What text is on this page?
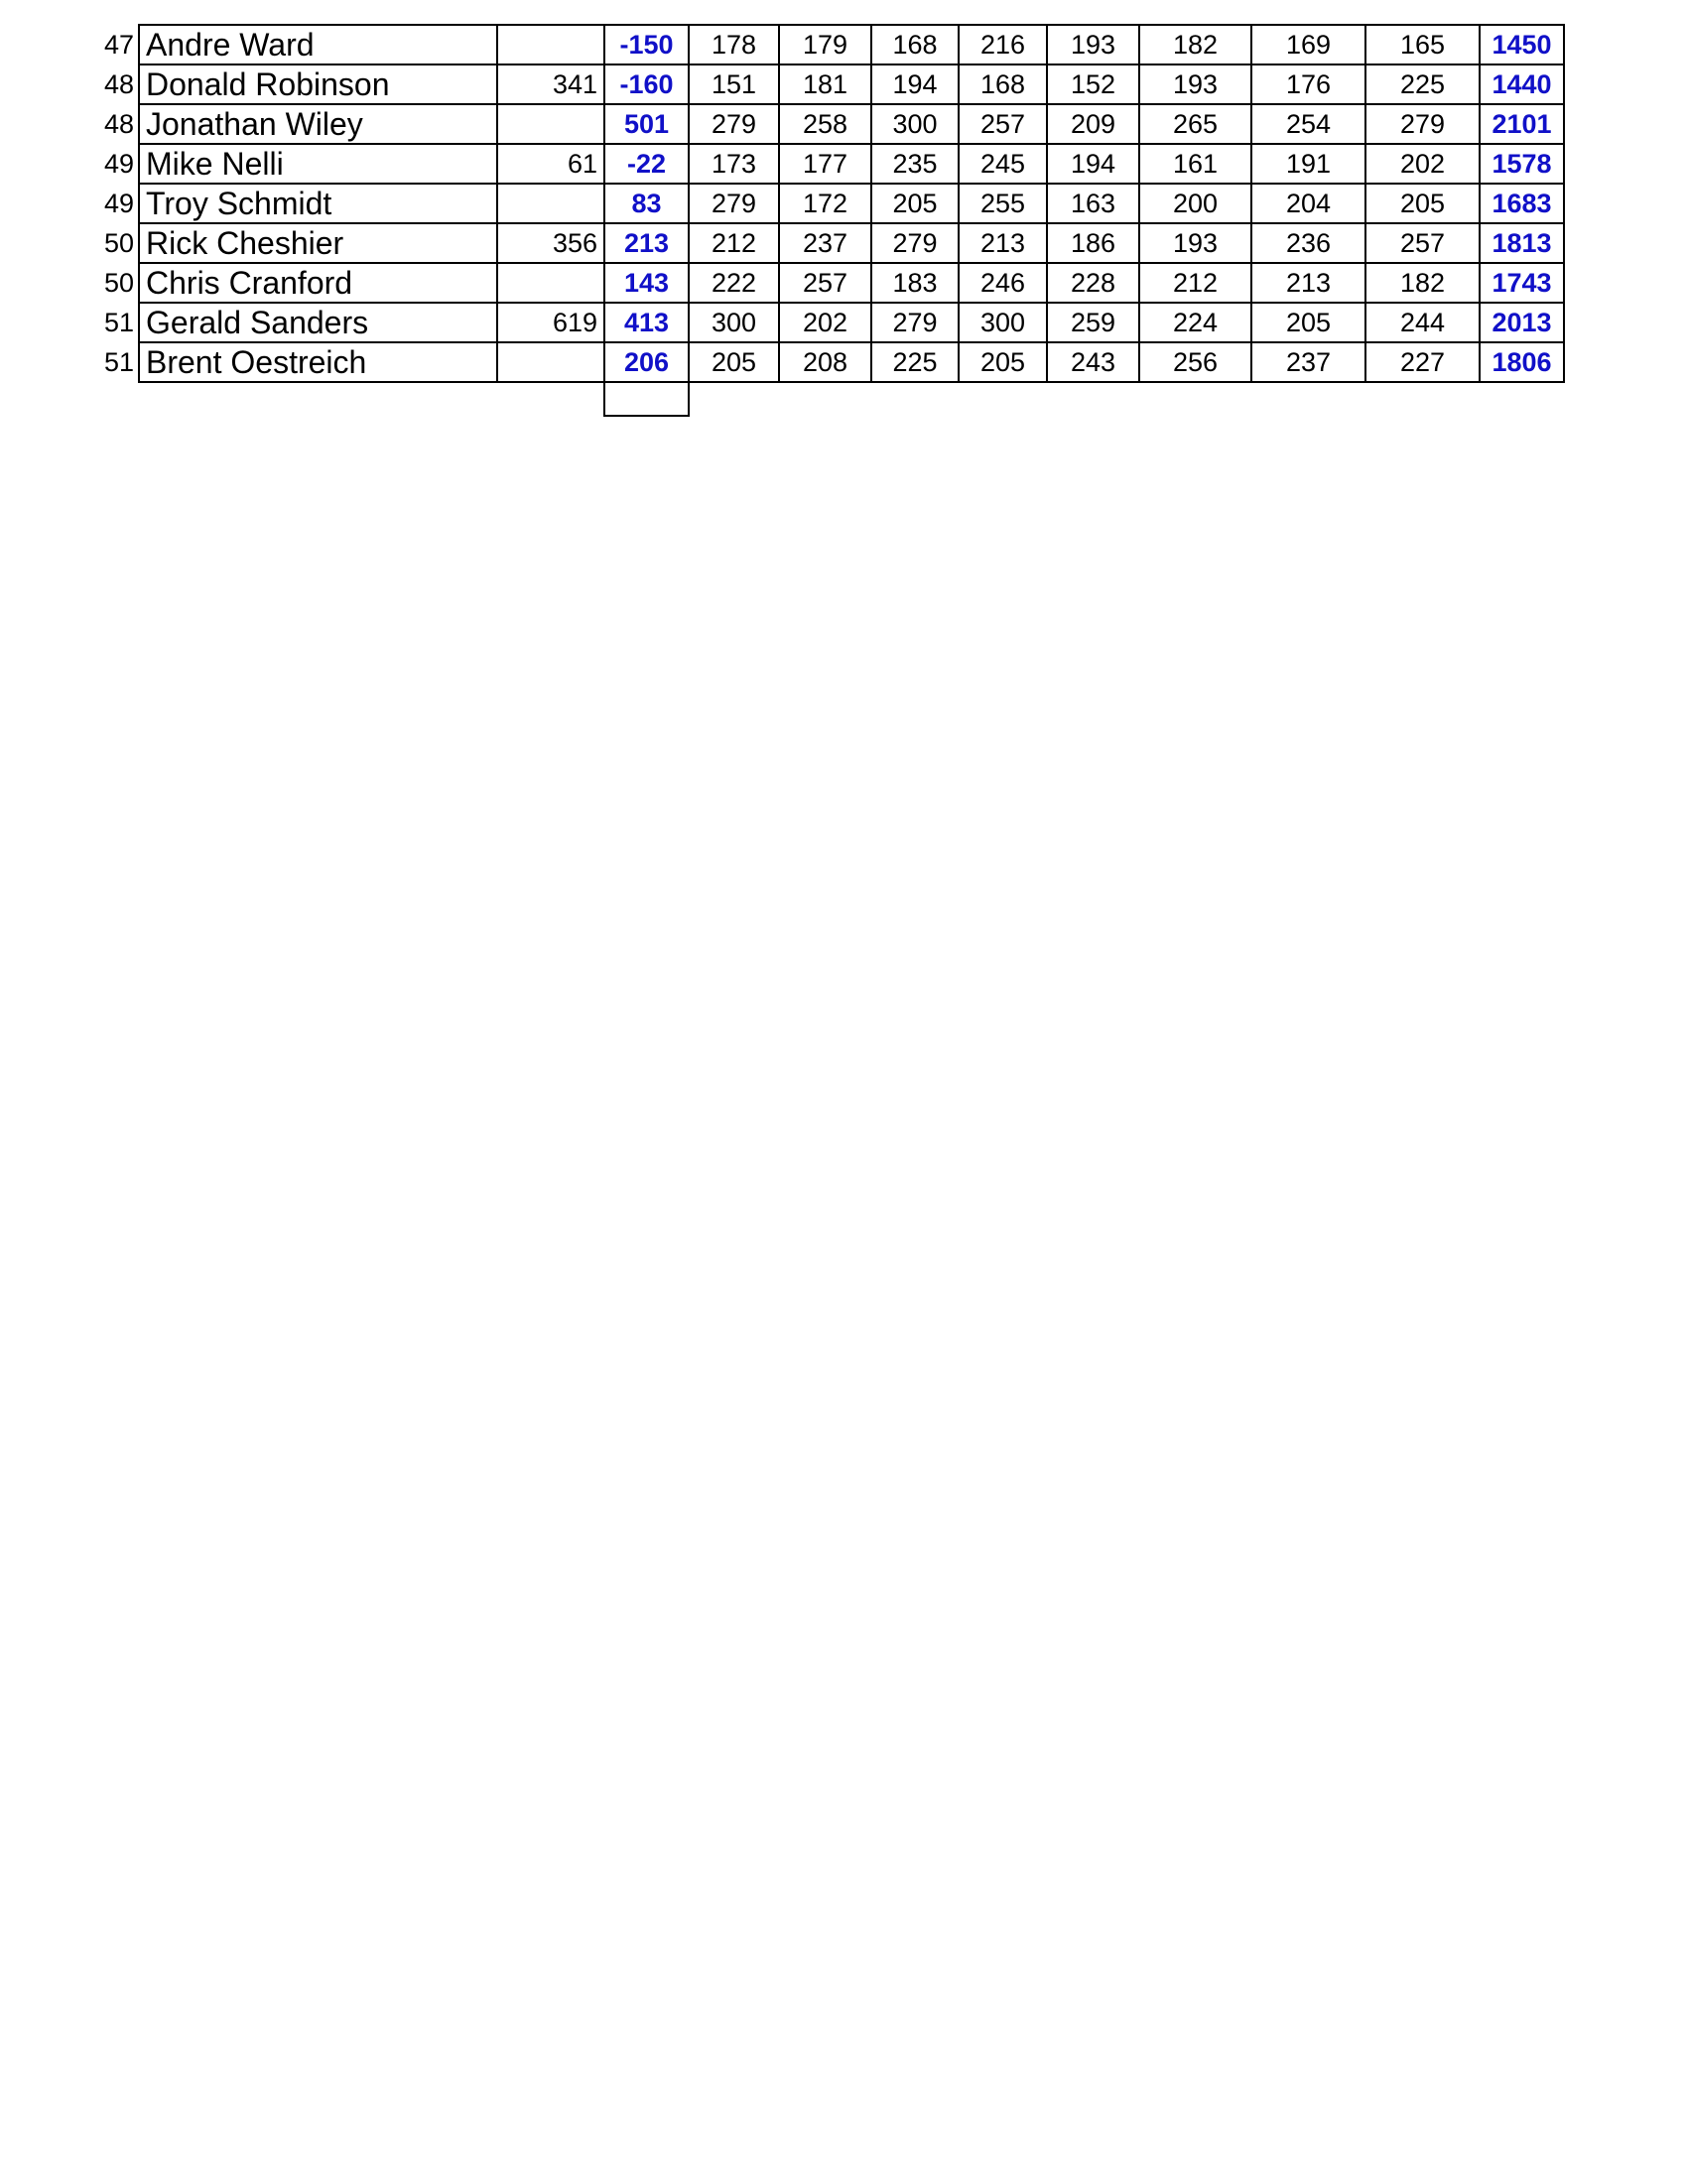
47	Andre Ward		-150	178	179	168	216	193	182	169	165	1450
48	Donald Robinson	341	-160	151	181	194	168	152	193	176	225	1440
48	Jonathan Wiley		501	279	258	300	257	209	265	254	279	2101
49	Mike Nelli	61	-22	173	177	235	245	194	161	191	202	1578
49	Troy Schmidt		83	279	172	205	255	163	200	204	205	1683
50	Rick Cheshier	356	213	212	237	279	213	186	193	236	257	1813
50	Chris Cranford		143	222	257	183	246	228	212	213	182	1743
51	Gerald Sanders	619	413	300	202	279	300	259	224	205	244	2013
51	Brent Oestreich		206	205	208	225	205	243	256	237	227	1806
